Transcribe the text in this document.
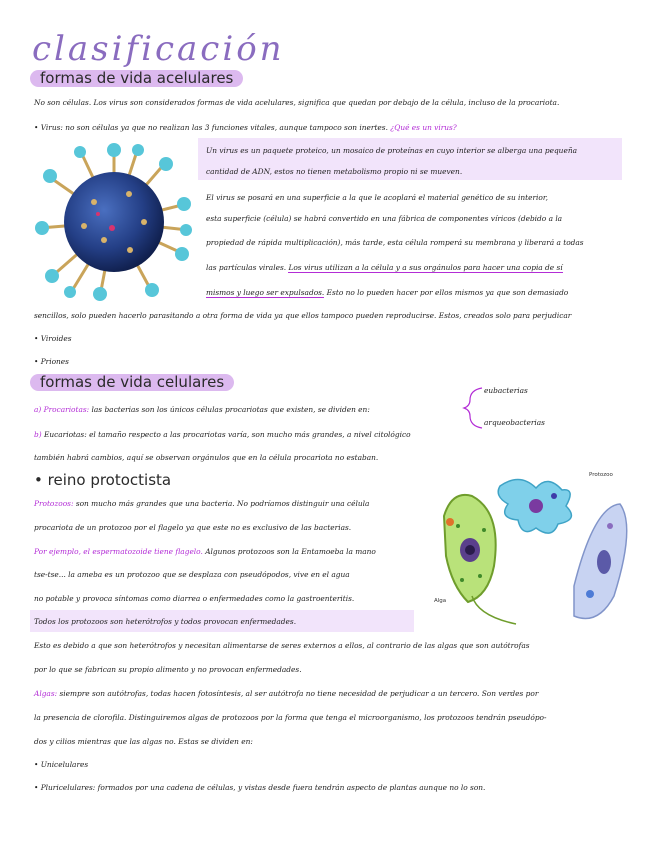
clasificación
formas de vida acelulares
No son células. Los virus son considerados formas de vida acelulares, significa que quedan por debajo de la célula, incluso de la procariota.
• Virus: no son células ya que no realizan las 3 funciones vitales, aunque tampoco son inertes. ¿Qué es un virus?
Un virus es un paquete proteico, un mosaico de proteínas en cuyo interior se alberga una pequeña
cantidad de ADN, estos no tienen metabolismo propio ni se mueven.
El virus se posará en una superficie a la que le acoplará el material genético de su interior,
esta superficie (célula) se habrá convertido en una fábrica de componentes víricos (debido a la
propiedad de rápida multiplicación), más tarde, esta célula romperá su membrana y liberará a todas
las partículas virales. Los virus utilizan a la célula y a sus orgánulos para hacer una copia de sí
mismos y luego ser expulsados. Esto no lo pueden hacer por ellos mismos ya que son demasiado
sencillos, solo pueden hacerlo parasitando a otra forma de vida ya que ellos tampoco pueden reproducirse. Estos, creados solo para perjudicar
• Viroides
• Priones
formas de vida celulares
a) Procariotas: las bacterias son los únicos células procariotas que existen, se dividen en:
eubacterias
arqueobacterias
b) Eucariotas: el tamaño respecto a las procariotas varía, son mucho más grandes, a nivel citológico
también habrá cambios, aquí se observan orgánulos que en la célula procariota no estaban.
• reino protoctista
Protozoos: son mucho más grandes que una bacteria. No podríamos distinguir una célula
procariota de un protozoo por el flagelo ya que este no es exclusivo de las bacterias.
Por ejemplo, el espermatozoide tiene flagelo. Algunos protozoos son la Entamoeba la mano
tse-tse... la ameba es un protozoo que se desplaza con pseudópodos, vive en el agua
no potable y provoca síntomas como diarrea o enfermedades como la gastroenteritis.
Todos los protozoos son heterótrofos y todos provocan enfermedades.
Protozoo
Alga
Esto es debido a que son heterótrofos y necesitan alimentarse de seres externos a ellos, al contrario de las algas que son autótrofas
por lo que se fabrican su propio alimento y no provocan enfermedades.
Algas: siempre son autótrofas, todas hacen fotosíntesis, al ser autótrofa no tiene necesidad de perjudicar a un tercero. Son verdes por
la presencia de clorofila. Distinguiremos algas de protozoos por la forma que tenga el microorganismo, los protozoos tendrán pseudópo-
dos y cilios mientras que las algas no. Estas se dividen en:
• Unicelulares
• Pluricelulares: formados por una cadena de células, y vistas desde fuera tendrán aspecto de plantas aunque no lo son.
